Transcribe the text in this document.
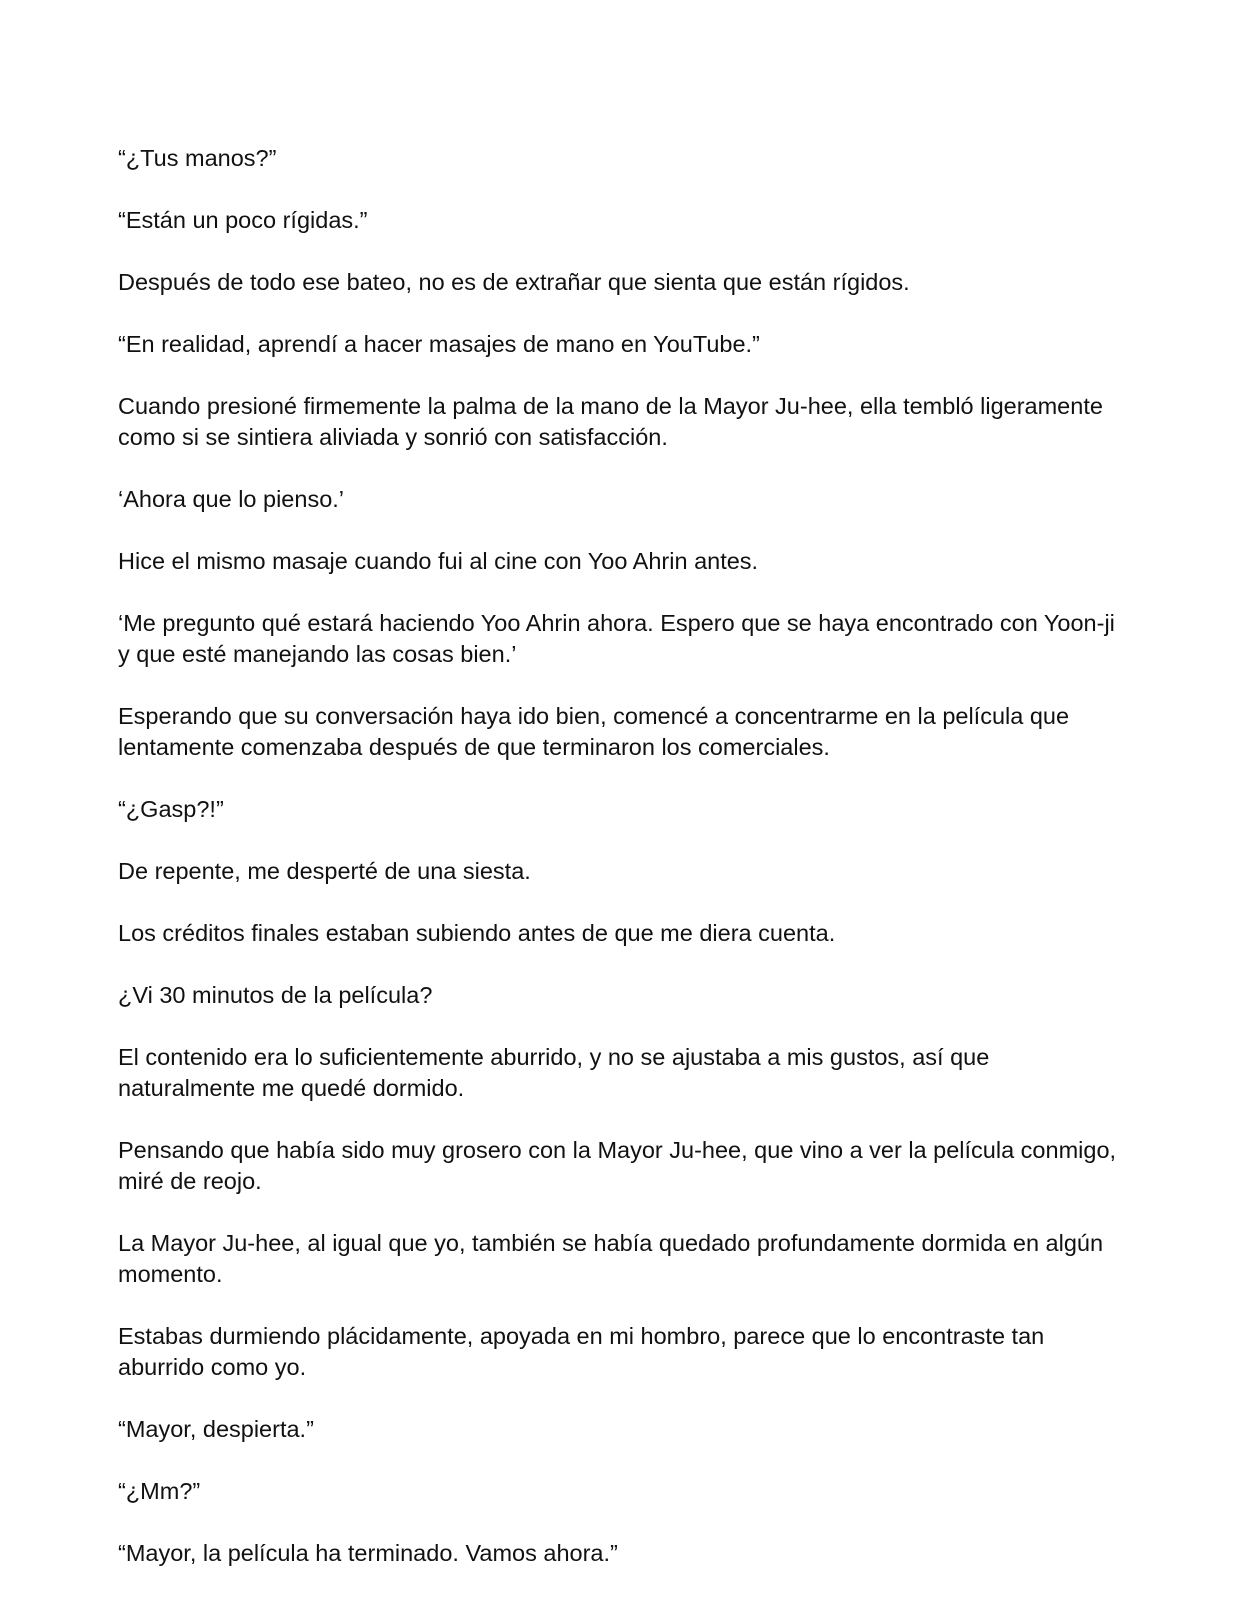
“¿Tus manos?”

“Están un poco rígidas.”

Después de todo ese bateo, no es de extrañar que sienta que están rígidos.

“En realidad, aprendí a hacer masajes de mano en YouTube.”

Cuando presioné firmemente la palma de la mano de la Mayor Ju-hee, ella tembló ligeramente como si se sintiera aliviada y sonrió con satisfacción.

‘Ahora que lo pienso.’

Hice el mismo masaje cuando fui al cine con Yoo Ahrin antes.

‘Me pregunto qué estará haciendo Yoo Ahrin ahora. Espero que se haya encontrado con Yoon-ji y que esté manejando las cosas bien.’

Esperando que su conversación haya ido bien, comencé a concentrarme en la película que lentamente comenzaba después de que terminaron los comerciales.

“¿Gasp?!”

De repente, me desperté de una siesta.

Los créditos finales estaban subiendo antes de que me diera cuenta.

¿Vi 30 minutos de la película?

El contenido era lo suficientemente aburrido, y no se ajustaba a mis gustos, así que naturalmente me quedé dormido.

Pensando que había sido muy grosero con la Mayor Ju-hee, que vino a ver la película conmigo, miré de reojo.

La Mayor Ju-hee, al igual que yo, también se había quedado profundamente dormida en algún momento.

Estabas durmiendo plácidamente, apoyada en mi hombro, parece que lo encontraste tan aburrido como yo.

“Mayor, despierta.”

“¿Mm?”

“Mayor, la película ha terminado. Vamos ahora.”
